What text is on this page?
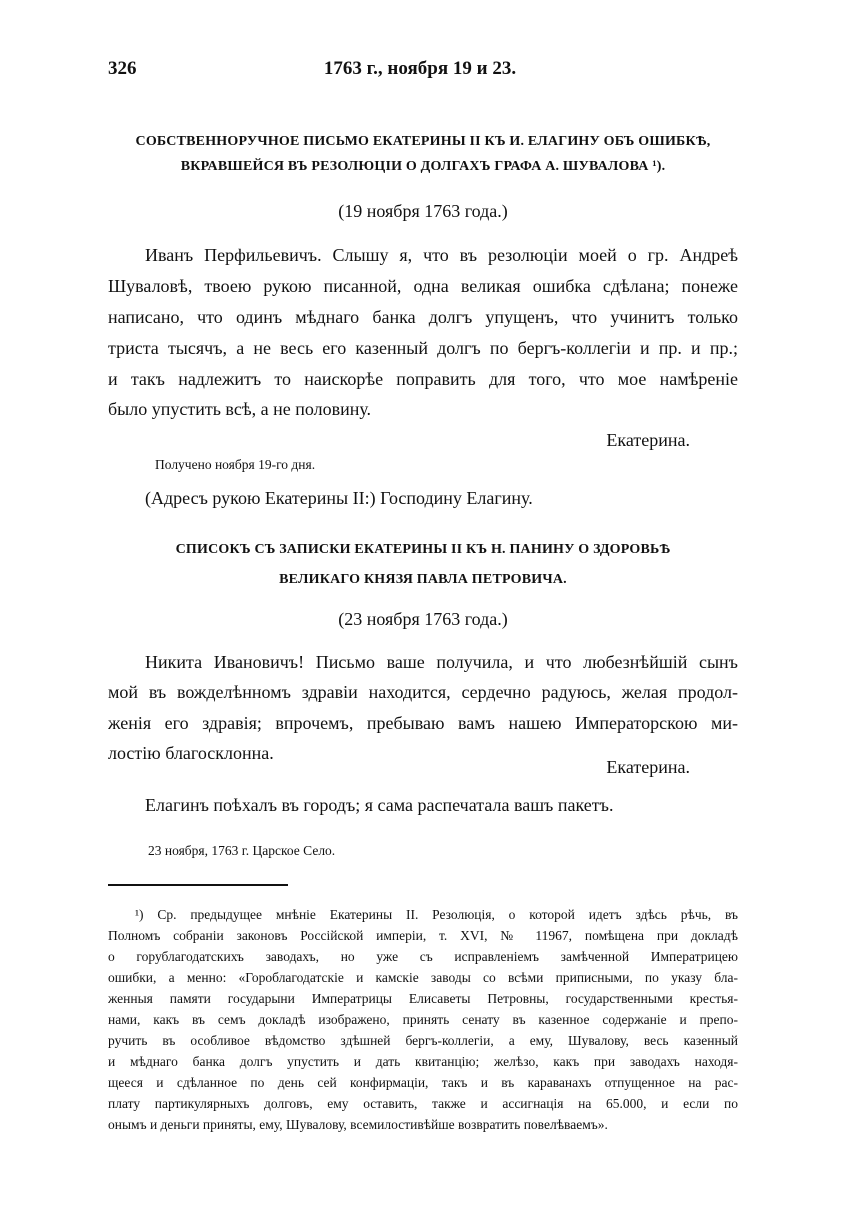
326	1763 г., ноября 19 и 23.
СОБСТВЕННОРУЧНОЕ ПИСЬМО ЕКАТЕРИНЫ II КЪ И. ЕЛАГИНУ ОБЪ ОШИБКѢ,
ВКРАВШЕЙСЯ ВЪ РЕЗОЛЮЦІИ О ДОЛГАХЪ ГРАФА А. ШУВАЛОВА ¹).
(19 ноября 1763 года.)
Иванъ Перфильевичъ. Слышу я, что въ резолюціи моей о гр. Андреѣ
Шуваловѣ, твоею рукою писанной, одна великая ошибка сдѣлана; понеже
написано, что одинъ мѣднаго банка долгъ упущенъ, что учинитъ только
триста тысячъ, а не весь его казенный долгъ по бергъ-коллегіи и пр. и пр.;
и такъ надлежитъ то наискорѣе поправить для того, что мое намѣреніе
было упустить всѣ, а не половину.
Екатерина.
Получено ноября 19-го дня.
(Адресъ рукою Екатерины II:) Господину Елагину.
СПИСОКЪ СЪ ЗАПИСКИ ЕКАТЕРИНЫ II КЪ Н. ПАНИНУ О ЗДОРОВЬѢ
ВЕЛИКАГО КНЯЗЯ ПАВЛА ПЕТРОВИЧА.
(23 ноября 1763 года.)
Никита Ивановичъ! Письмо ваше получила, и что любезнѣйшій сынъ
мой въ вожделѣнномъ здравіи находится, сердечно радуюсь, желая продол-
женія его здравія; впрочемъ, пребываю вамъ нашею Императорскою ми-
лостію благосклонна.
Екатерина.
Елагинъ поѣхалъ въ городъ; я сама распечатала вашъ пакетъ.
23 ноября, 1763 г. Царское Село.
¹) Ср. предыдущее мнѣніе Екатерины II. Резолюція, о которой идетъ здѣсь рѣчь, въ
Полномъ собраніи законовъ Россійской имперіи, т. XVI, № 11967, помѣщена при докладѣ
о горублагодатскихъ заводахъ, но уже съ исправленіемъ замѣченной Императрицею
ошибки, а менно: «Гороблагодатскіе и камскіе заводы со всѣми приписными, по указу бла-
женныя памяти государыни Императрицы Елисаветы Петровны, государственными крестья-
нами, какъ въ семъ докладѣ изображено, принять сенату въ казенное содержаніе и препо-
ручить въ особливое вѣдомство здѣшней бергъ-коллегіи, а ему, Шувалову, весь казенный
и мѣднаго банка долгъ упустить и дать квитанцію; желѣзо, какъ при заводахъ находя-
щееся и сдѣланное по день сей конфирмаціи, такъ и въ караванахъ отпущенное на рас-
плату партикулярныхъ долговъ, ему оставить, также и ассигнація на 65.000, и если по
онымъ и деньги приняты, ему, Шувалову, всемилостивѣйше возвратить повелѣваемъ».
